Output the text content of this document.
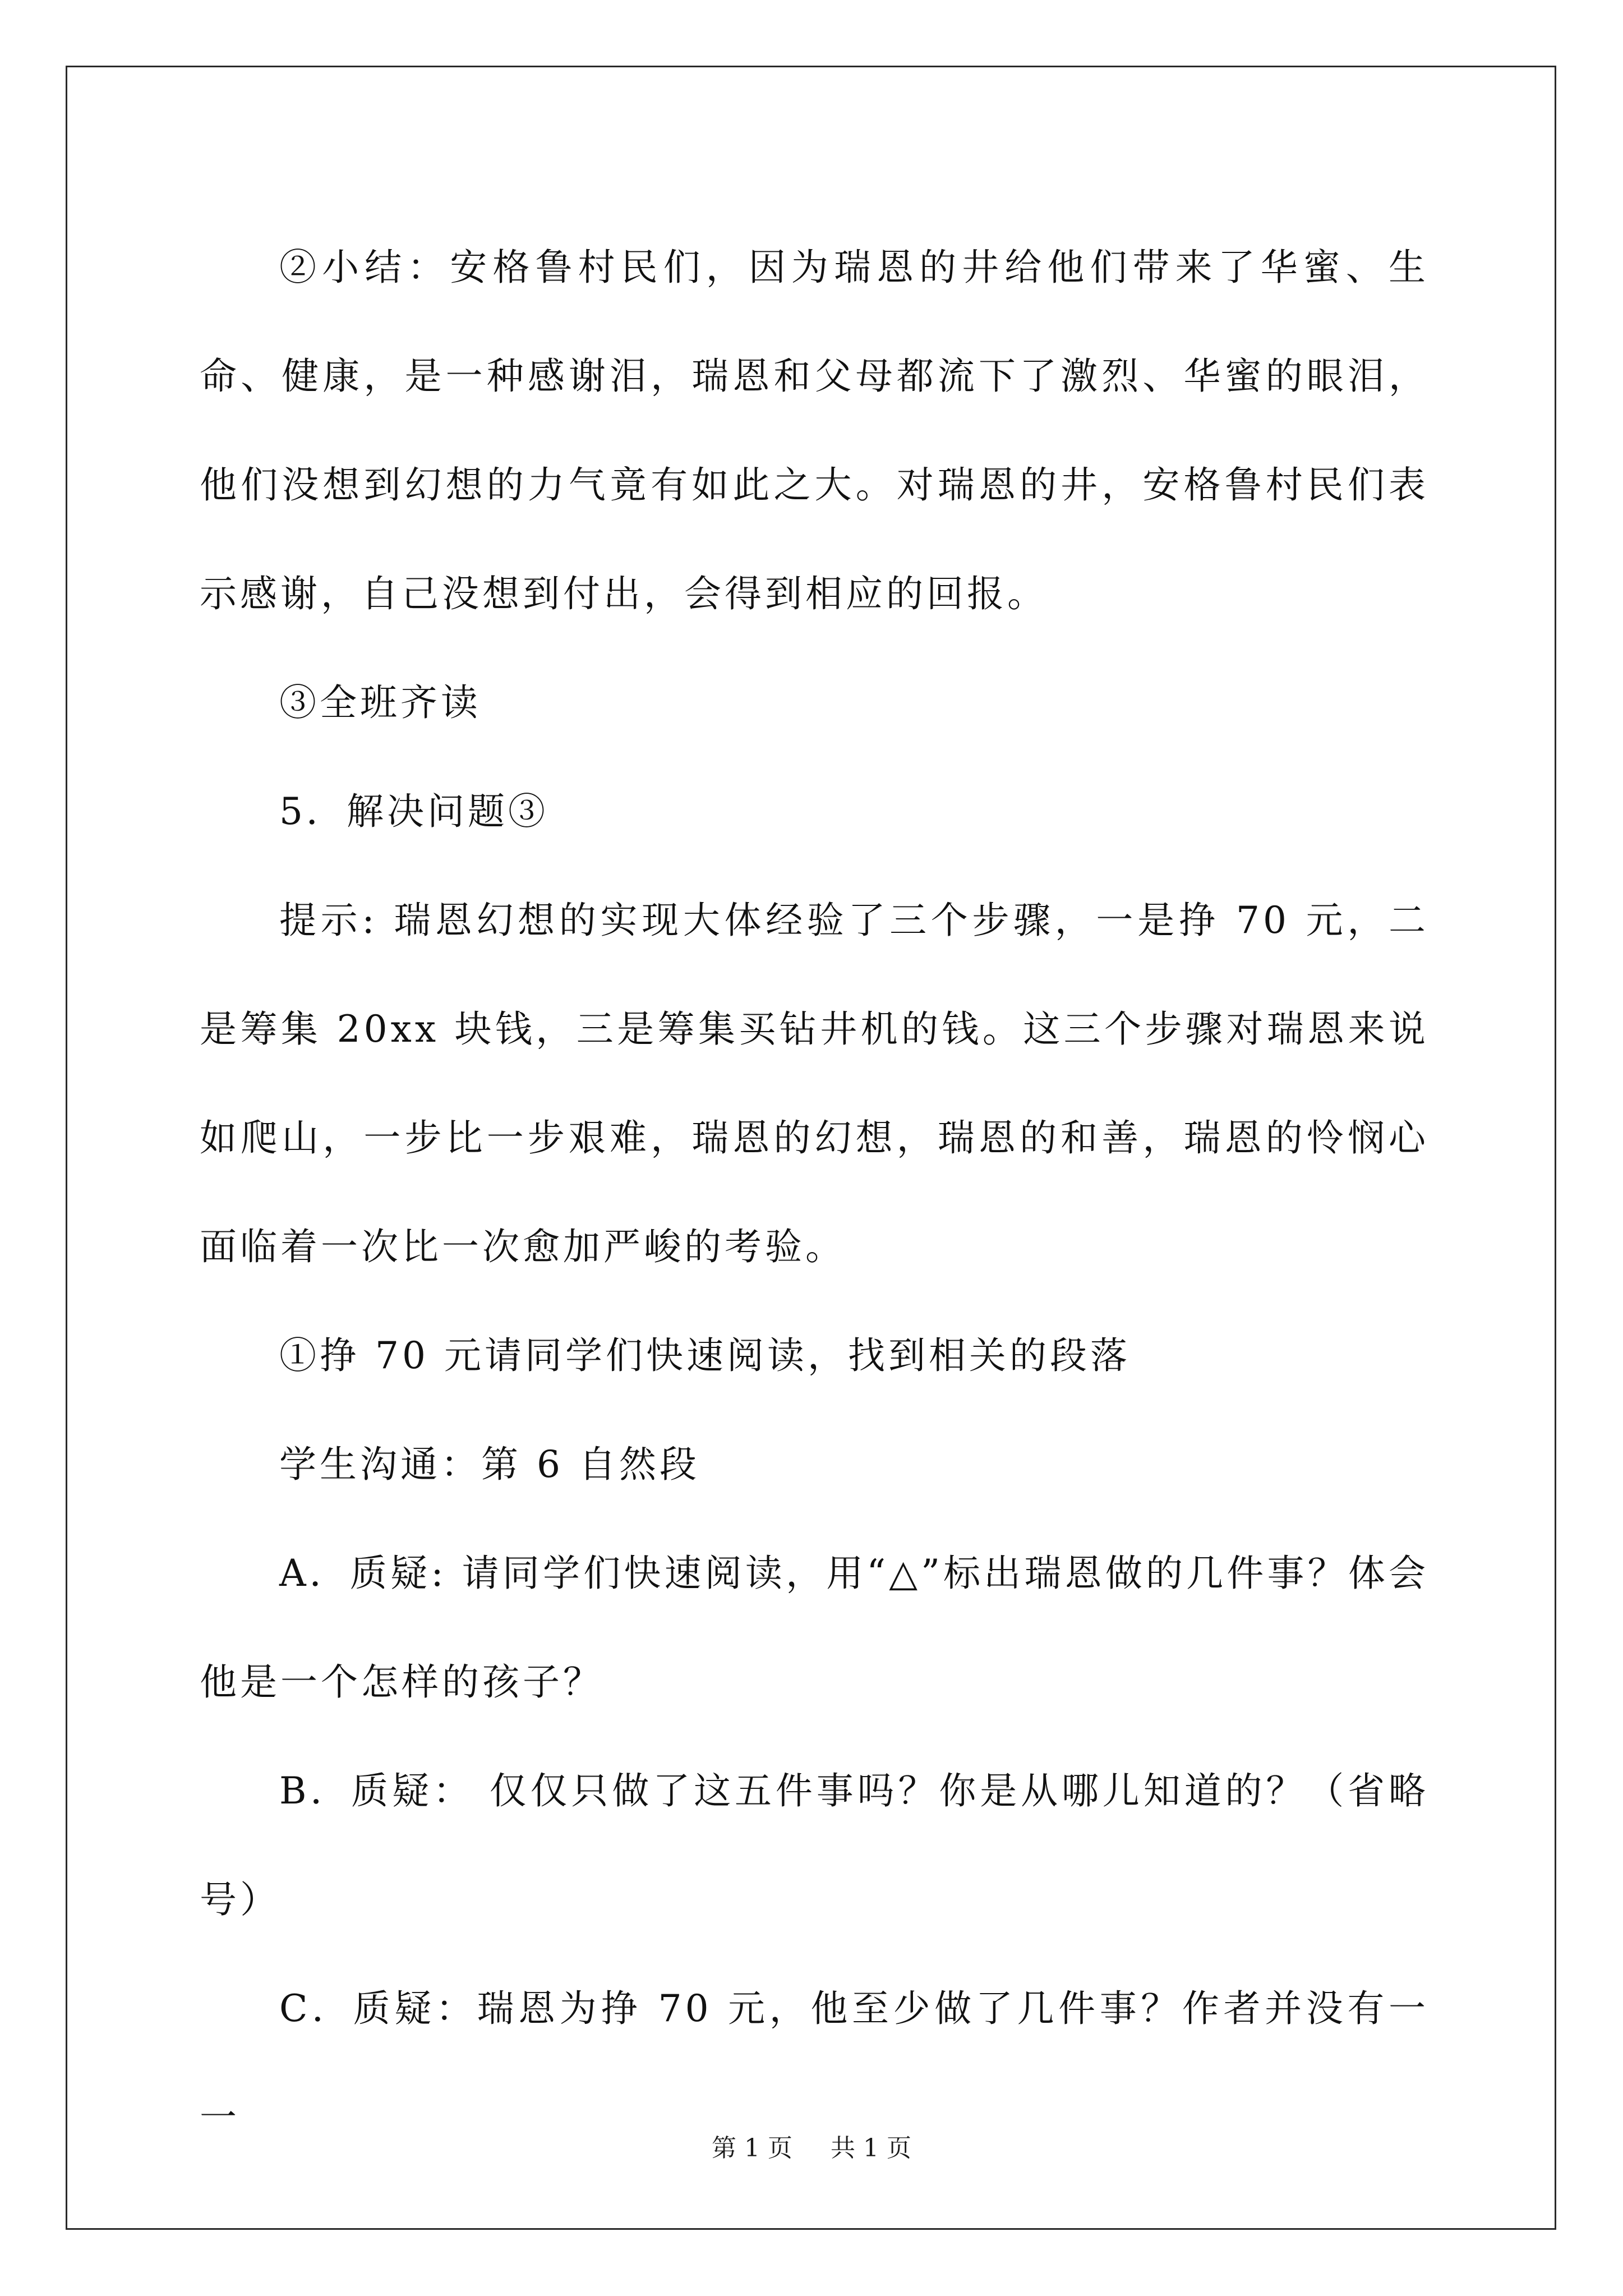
②小结：安格鲁村民们，因为瑞恩的井给他们带来了华蜜、生命、健康，是一种感谢泪，瑞恩和父母都流下了激烈、华蜜的眼泪，他们没想到幻想的力气竟有如此之大。对瑞恩的井，安格鲁村民们表示感谢，自己没想到付出，会得到相应的回报。

③全班齐读

5．解决问题③

提示: 瑞恩幻想的实现大体经验了三个步骤，一是挣 70 元，二是筹集 20xx 块钱，三是筹集买钻井机的钱。这三个步骤对瑞恩来说如爬山，一步比一步艰难，瑞恩的幻想，瑞恩的和善，瑞恩的怜悯心面临着一次比一次愈加严峻的考验。

①挣 70 元请同学们快速阅读，找到相关的段落

学生沟通：第 6 自然段

A．质疑: 请同学们快速阅读，用“△”标出瑞恩做的几件事？体会他是一个怎样的孩子？

B．质疑： 仅仅只做了这五件事吗？你是从哪儿知道的？（省略号）

C．质疑：瑞恩为挣 70 元，他至少做了几件事？作者并没有一一

第 1 页 共 1 页
